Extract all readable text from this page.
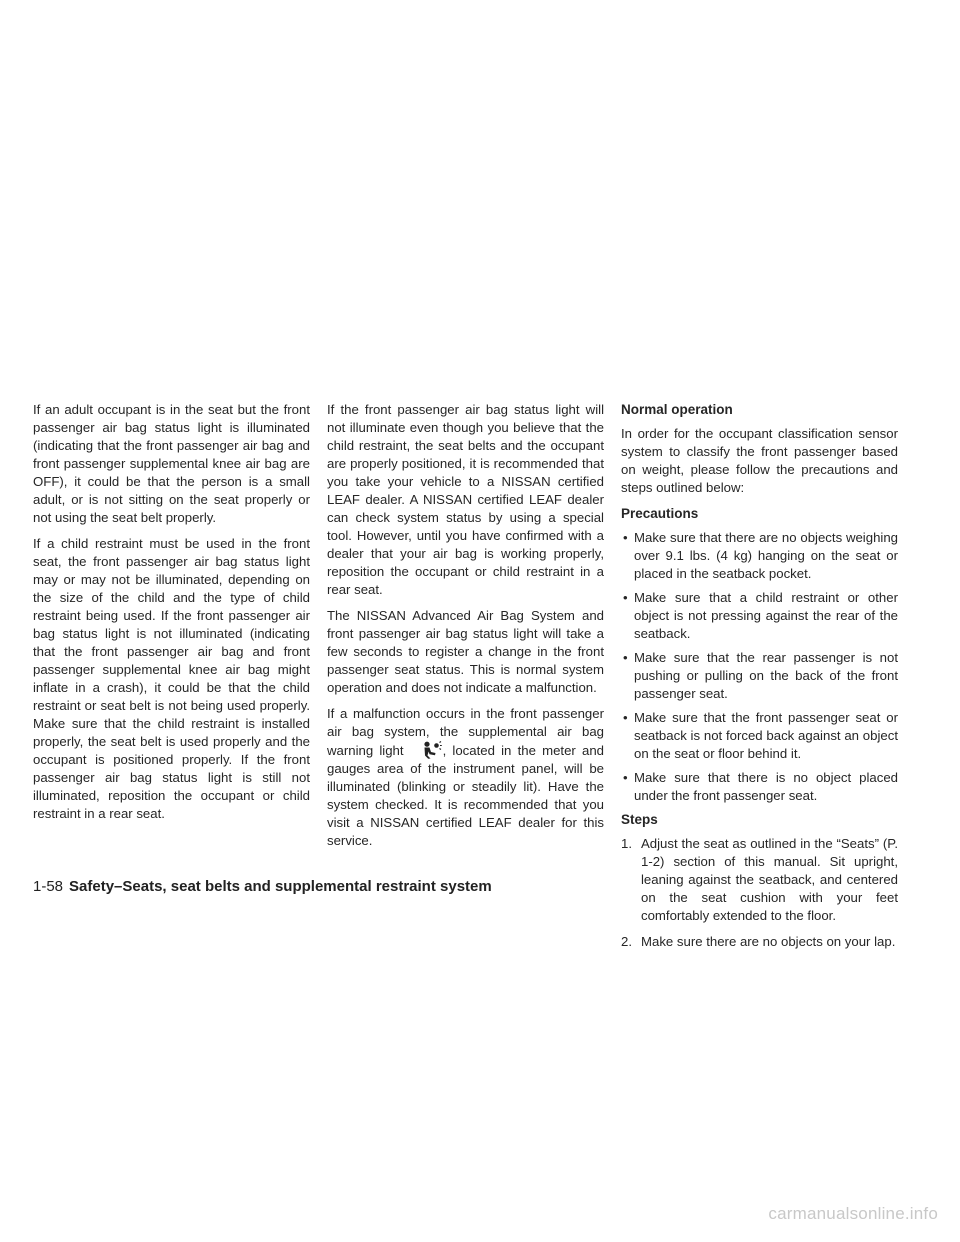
If an adult occupant is in the seat but the front passenger air bag status light is illuminated (indicating that the front passenger air bag and front passenger supplemental knee air bag are OFF), it could be that the person is a small adult, or is not sitting on the seat properly or not using the seat belt properly.

If a child restraint must be used in the front seat, the front passenger air bag status light may or may not be illuminated, depending on the size of the child and the type of child restraint being used. If the front passenger air bag status light is not illuminated (indicating that the front passenger air bag and front passenger supplemental knee air bag might inflate in a crash), it could be that the child restraint or seat belt is not being used properly. Make sure that the child restraint is installed properly, the seat belt is used properly and the occupant is positioned properly. If the front passenger air bag status light is still not illuminated, reposition the occupant or child restraint in a rear seat.

If the front passenger air bag status light will not illuminate even though you believe that the child restraint, the seat belts and the occupant are properly positioned, it is recommended that you take your vehicle to a NISSAN certified LEAF dealer. A NISSAN certified LEAF dealer can check system status by using a special tool. However, until you have confirmed with a dealer that your air bag is working properly, reposition the occupant or child restraint in a rear seat.

The NISSAN Advanced Air Bag System and front passenger air bag status light will take a few seconds to register a change in the front passenger seat status. This is normal system operation and does not indicate a malfunction.

If a malfunction occurs in the front passenger air bag system, the supplemental air bag warning light	, located in the meter and gauges area of the instrument panel, will be illuminated (blinking or steadily lit). Have the system checked. It is recommended that you visit a NISSAN certified LEAF dealer for this service.

Normal operation

In order for the occupant classification sensor system to classify the front passenger based on weight, please follow the precautions and steps outlined below:

Precautions
• Make sure that there are no objects weighing over 9.1 lbs. (4 kg) hanging on the seat or placed in the seatback pocket.
• Make sure that a child restraint or other object is not pressing against the rear of the seatback.
• Make sure that the rear passenger is not pushing or pulling on the back of the front passenger seat.
• Make sure that the front passenger seat or seatback is not forced back against an object on the seat or floor behind it.
• Make sure that there is no object placed under the front passenger seat.
Steps
1. Adjust the seat as outlined in the “Seats” (P. 1-2) section of this manual. Sit upright, leaning against the seatback, and centered on the seat cushion with your feet comfortably extended to the floor.
2. Make sure there are no objects on your lap.
1-58 Safety–Seats, seat belts and supplemental restraint system
carmanualsonline.info
